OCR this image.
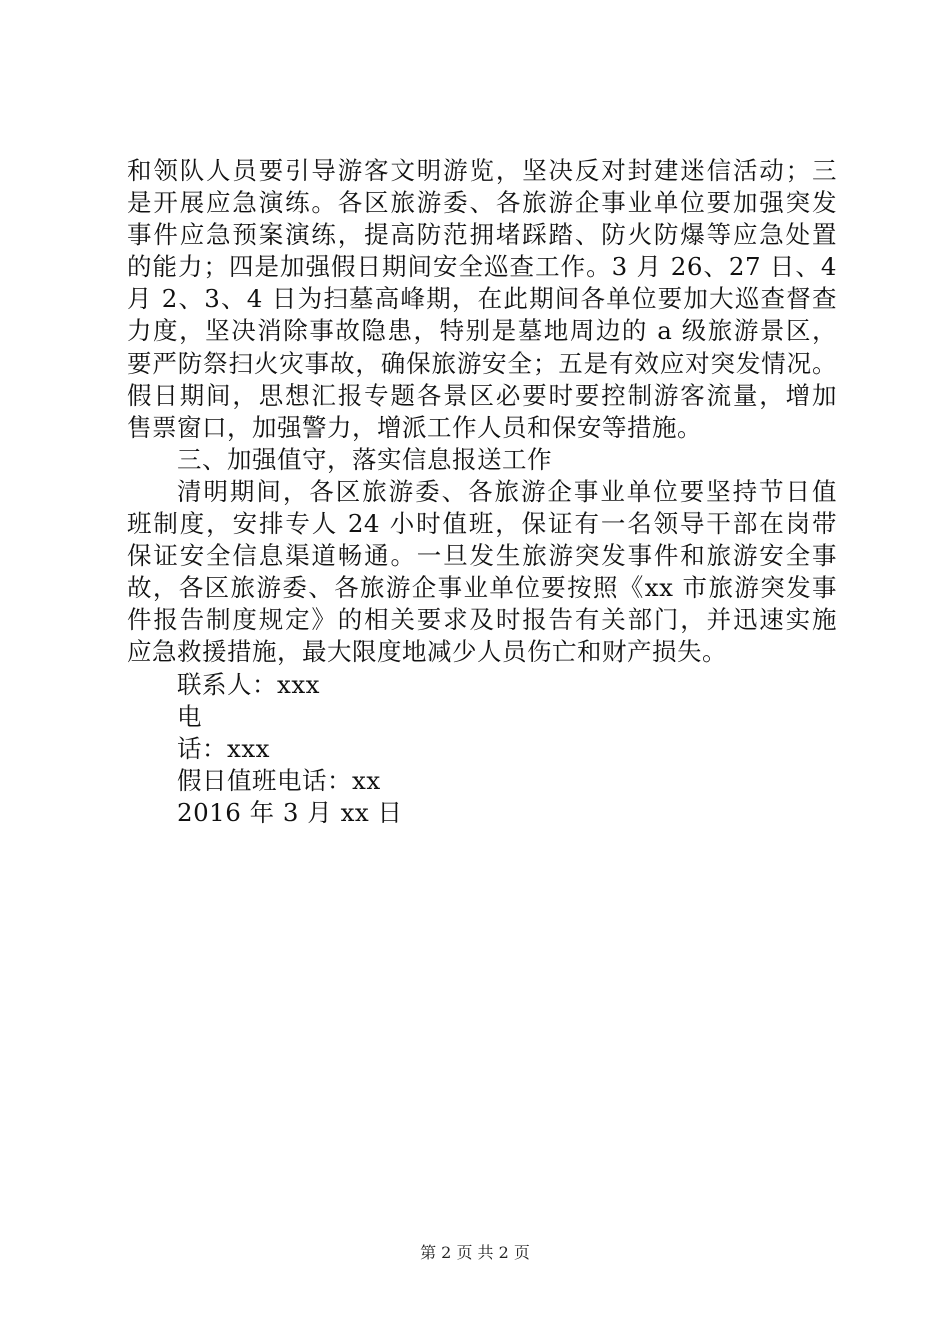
和领队人员要引导游客文明游览，坚决反对封建迷信活动；三
是开展应急演练。各区旅游委、各旅游企事业单位要加强突发
事件应急预案演练，提高防范拥堵踩踏、防火防爆等应急处置
的能力；四是加强假日期间安全巡查工作。3 月 26、27 日、4
月 2、3、4 日为扫墓高峰期，在此期间各单位要加大巡查督查
力度，坚决消除事故隐患，特别是墓地周边的 a 级旅游景区，
要严防祭扫火灾事故，确保旅游安全；五是有效应对突发情况。
假日期间，思想汇报专题各景区必要时要控制游客流量，增加
售票窗口，加强警力，增派工作人员和保安等措施。
三、加强值守，落实信息报送工作
清明期间，各区旅游委、各旅游企事业单位要坚持节日值
班制度，安排专人 24 小时值班，保证有一名领导干部在岗带
保证安全信息渠道畅通。一旦发生旅游突发事件和旅游安全事
故，各区旅游委、各旅游企事业单位要按照《xx 市旅游突发事
件报告制度规定》的相关要求及时报告有关部门，并迅速实施
应急救援措施，最大限度地减少人员伤亡和财产损失。
联系人：xxx
电
话：xxx
假日值班电话：xx
2016 年 3 月 xx 日
第 2 页 共 2 页
